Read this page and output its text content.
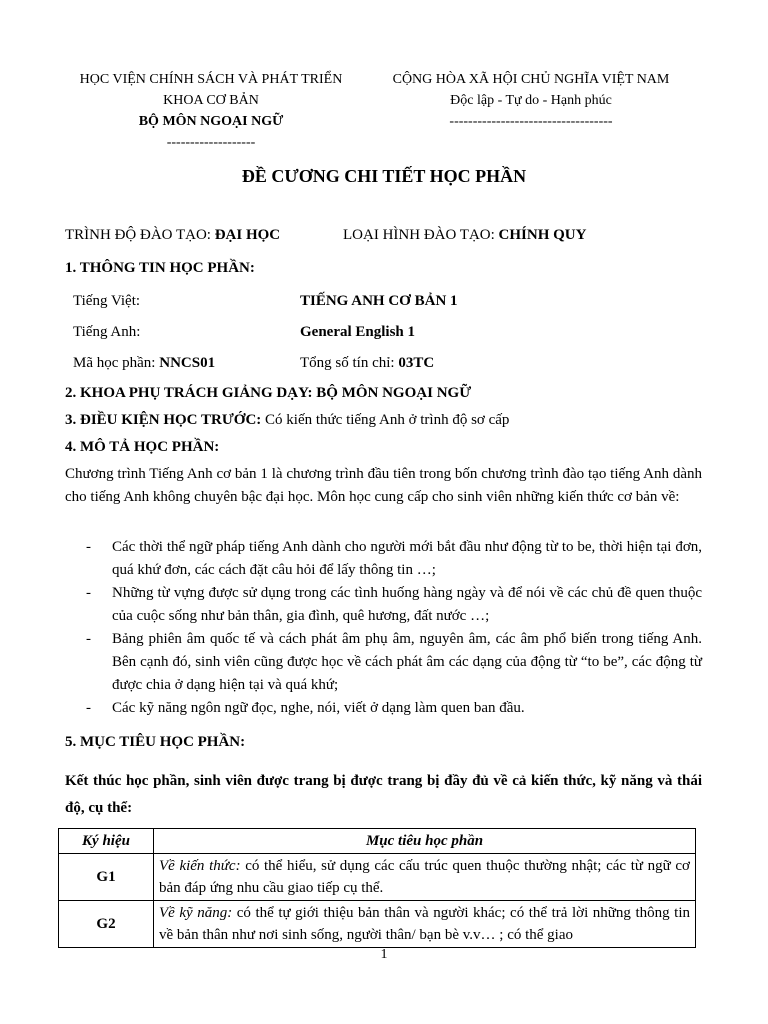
HỌC VIỆN CHÍNH SÁCH VÀ PHÁT TRIỂN
KHOA CƠ BẢN
BỘ MÔN NGOẠI NGỮ
-------------------
CỘNG HÒA XÃ HỘI CHỦ NGHĨA VIỆT NAM
Độc lập - Tự do - Hạnh phúc
-----------------------------------
ĐỀ CƯƠNG CHI TIẾT HỌC PHẦN
TRÌNH ĐỘ ĐÀO TẠO: ĐẠI HỌC	LOẠI HÌNH ĐÀO TẠO: CHÍNH QUY
1. THÔNG TIN HỌC PHẦN:
Tiếng Việt:	TIẾNG ANH CƠ BẢN 1
Tiếng Anh:	General English 1
Mã học phần: NNCS01	Tổng số tín chỉ: 03TC
2. KHOA PHỤ TRÁCH GIẢNG DẠY: BỘ MÔN NGOẠI NGỮ
3. ĐIỀU KIỆN HỌC TRƯỚC: Có kiến thức tiếng Anh ở trình độ sơ cấp
4. MÔ TẢ HỌC PHẦN:
Chương trình Tiếng Anh cơ bản 1 là chương trình đầu tiên trong bốn chương trình đào tạo tiếng Anh dành cho tiếng Anh không chuyên bậc đại học. Môn học cung cấp cho sinh viên những kiến thức cơ bản về:
- Các thời thể ngữ pháp tiếng Anh dành cho người mới bắt đầu như động từ to be, thời hiện tại đơn, quá khứ đơn, các cách đặt câu hỏi để lấy thông tin …;
- Những từ vựng được sử dụng trong các tình huống hàng ngày và để nói về các chủ đề quen thuộc của cuộc sống như bản thân, gia đình, quê hương, đất nước …;
- Bảng phiên âm quốc tế và cách phát âm phụ âm, nguyên âm, các âm phổ biến trong tiếng Anh. Bên cạnh đó, sinh viên cũng được học về cách phát âm các dạng của động từ “to be”, các động từ được chia ở dạng hiện tại và quá khứ;
- Các kỹ năng ngôn ngữ đọc, nghe, nói, viết ở dạng làm quen ban đầu.
5. MỤC TIÊU HỌC PHẦN:
Kết thúc học phần, sinh viên được trang bị được trang bị đầy đủ về cả kiến thức, kỹ năng và thái độ, cụ thể:
Ký hiệu	Mục tiêu học phần
G1	Về kiến thức: có thể hiểu, sử dụng các cấu trúc quen thuộc thường nhật; các từ ngữ cơ bản đáp ứng nhu cầu giao tiếp cụ thể.
G2	Về kỹ năng: có thể tự giới thiệu bản thân và người khác; có thể trả lời những thông tin về bản thân như nơi sinh sống, người thân/ bạn bè v.v… ; có thể giao
1
